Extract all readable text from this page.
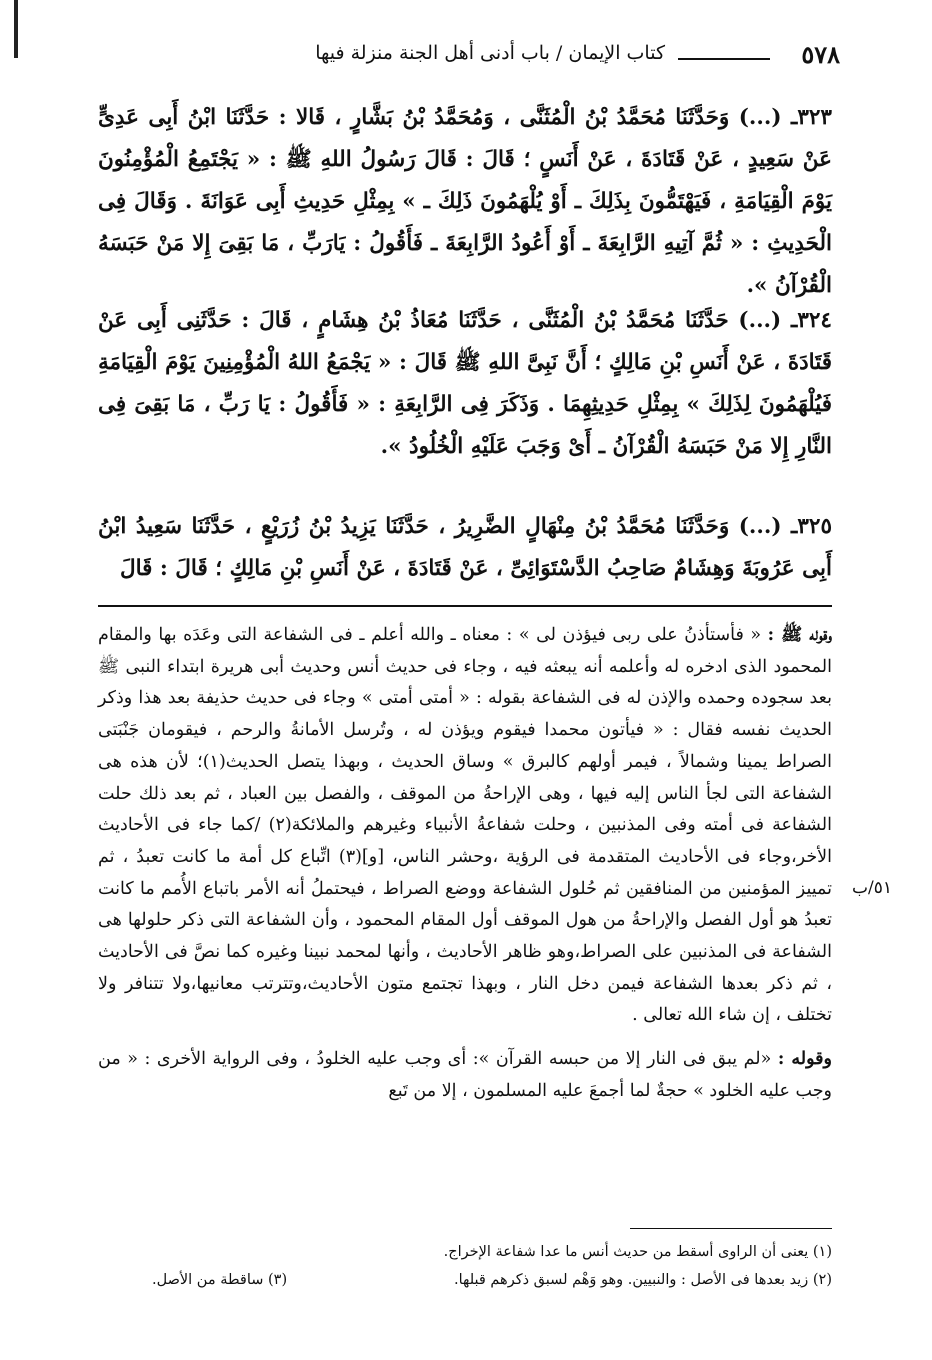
٥٧٨
كتاب الإيمان / باب أدنى أهل الجنة منزلة فيها
٣٢٣ـ (...) وَحَدَّثَنَا مُحَمَّدُ بْنُ الْمُثَنَّى ، وَمُحَمَّدُ بْنُ بَشَّارٍ ، قَالا : حَدَّثَنَا ابْنُ أَبِى عَدِىٍّ عَنْ سَعِيدٍ ، عَنْ قَتَادَةَ ، عَنْ أَنَسٍ ؛ قَالَ : قَالَ رَسُولُ اللهِ ﷺ : « يَجْتَمِعُ الْمُؤْمِنُونَ يَوْمَ الْقِيَامَةِ ، فَيَهْتَمُّونَ بِذَلِكَ ـ أَوْ يُلْهَمُونَ ذَلِكَ ـ » بِمِثْلِ حَدِيثِ أَبِى عَوَانَةَ . وَقَالَ فِى الْحَدِيثِ : « ثُمَّ آتِيهِ الرَّابِعَةَ ـ أَوْ أَعُودُ الرَّابِعَةَ ـ فَأَقُولُ : يَارَبِّ ، مَا بَقِىَ إِلا مَنْ حَبَسَهُ الْقُرْآنُ ».
٣٢٤ـ (...) حَدَّثَنَا مُحَمَّدُ بْنُ الْمُثَنَّى ، حَدَّثَنَا مُعَاذُ بْنُ هِشَامٍ ، قَالَ : حَدَّثَنِى أَبِى عَنْ قَتَادَةَ ، عَنْ أَنَسِ بْنِ مَالِكٍ ؛ أَنَّ نَبِىَّ اللهِ ﷺ قَالَ : « يَجْمَعُ اللهُ الْمُؤْمِنِينَ يَوْمَ الْقِيَامَةِ فَيُلْهَمُونَ لِذَلِكَ » بِمِثْلِ حَدِيثِهِمَا . وَذَكَرَ فِى الرَّابِعَةِ : « فَأَقُولُ : يَا رَبِّ ، مَا بَقِىَ فِى النَّارِ إِلا مَنْ حَبَسَهُ الْقُرْآنُ ـ أَىْ وَجَبَ عَلَيْهِ الْخُلُودُ ».
٣٢٥ـ (...) وَحَدَّثَنَا مُحَمَّدُ بْنُ مِنْهَالٍ الضَّرِيرُ ، حَدَّثَنَا يَزِيدُ بْنُ زُرَيْعٍ ، حَدَّثَنَا سَعِيدُ ابْنُ أَبِى عَرُوبَةَ وَهِشَامٌ صَاحِبُ الدَّسْتَوَائِىِّ ، عَنْ قَتَادَةَ ، عَنْ أَنَسِ بْنِ مَالِكٍ ؛ قَالَ : قَالَ

وقوله ﷺ : « فأستأذنُ على ربى فيؤذن لى » : معناه ـ والله أعلم ـ فى الشفاعة التى وعَدَه بها والمقام المحمود الذى ادخره له وأعلمه أنه يبعثه فيه ، وجاء فى حديث أنس وحديث أبى هريرة ابتداء النبى ﷺ بعد سجوده وحمده والإذن له فى الشفاعة بقوله : « أمتى أمتى » وجاء فى حديث حذيفة بعد هذا وذكر الحديث نفسه فقال : « فيأتون محمدا فيقوم ويؤذن له ، وتُرسل الأمانةُ والرحم ، فيقومان جَنْبَتى الصراط يمينا وشمالاً ، فيمر أولهم كالبرق » وساق الحديث ، وبهذا يتصل الحديث(١)؛ لأن هذه هى الشفاعة التى لجأ الناس إليه فيها ، وهى الإراحةُ من الموقف ، والفصل بين العباد ، ثم بعد ذلك حلت الشفاعة فى أمته وفى المذنبين ، وحلت شفاعةُ الأنبياء وغيرهم والملائكة(٢) /كما جاء فى الأحاديث الأخر،وجاء فى الأحاديث المتقدمة فى الرؤية ،وحشر الناس، [و](٣) اتِّباع كل أمة ما كانت تعبدُ ، ثم تمييز المؤمنين من المنافقين ثم حُلول الشفاعة ووضع الصراط ، فيحتملُ أنه الأمر باتباع الأُمم ما كانت تعبدُ هو أول الفصل والإراحةُ من هول الموقف أول المقام المحمود ، وأن الشفاعة التى ذكر حلولها هى الشفاعة فى المذنبين على الصراط،وهو ظاهر الأحاديث ، وأنها لمحمد نبينا وغيره كما نصَّ فى الأحاديث ، ثم ذكر بعدها الشفاعة فيمن دخل النار ، وبهذا تجتمع متون الأحاديث،وتترتب معانيها،ولا تتنافر ولا تختلف ، إن شاء الله تعالى .

وقوله : «لم يبق فى النار إلا من حبسه القرآن »: أى وجب عليه الخلودُ ، وفى الرواية الأخرى : « من وجب عليه الخلود » حجةٌ لما أجمعَ عليه المسلمون ، إلا من تَبع

٥١/ب
(١) يعنى أن الراوى أسقط من حديث أنس ما عدا شفاعة الإخراج.
(٢) زيد بعدها فى الأصل : والنبيين. وهو وَهْم لسبق ذكرهم قبلها.
(٣) ساقطة من الأصل.
